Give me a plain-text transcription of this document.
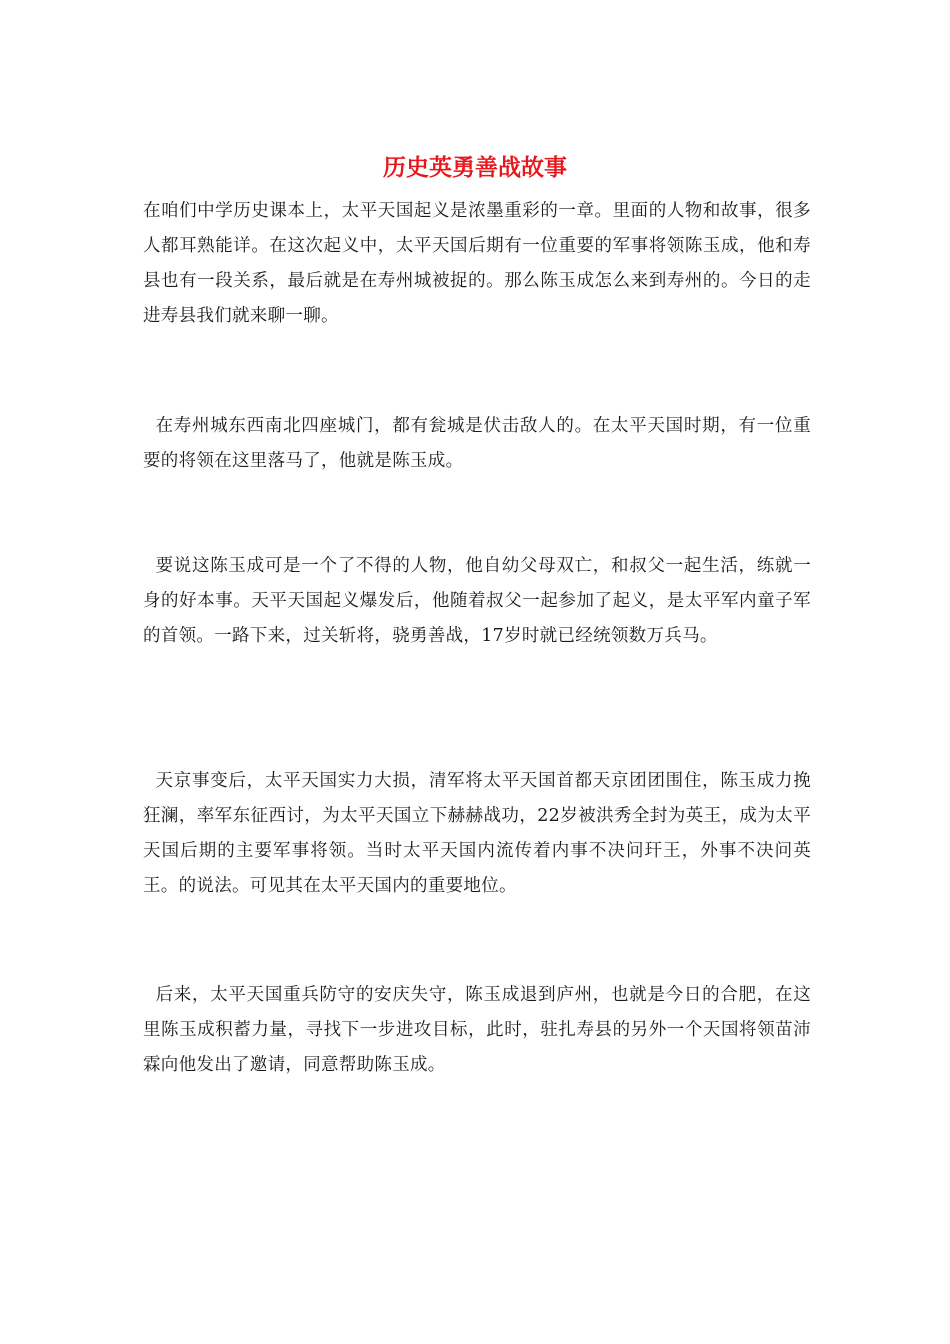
历史英勇善战故事

在咱们中学历史课本上，太平天国起义是浓墨重彩的一章。里面的人物和故事，很多人都耳熟能详。在这次起义中，太平天国后期有一位重要的军事将领陈玉成，他和寿县也有一段关系，最后就是在寿州城被捉的。那么陈玉成怎么来到寿州的。今日的走进寿县我们就来聊一聊。

在寿州城东西南北四座城门，都有瓮城是伏击敌人的。在太平天国时期，有一位重要的将领在这里落马了，他就是陈玉成。

要说这陈玉成可是一个了不得的人物，他自幼父母双亡，和叔父一起生活，练就一身的好本事。天平天国起义爆发后，他随着叔父一起参加了起义，是太平军内童子军的首领。一路下来，过关斩将，骁勇善战，17岁时就已经统领数万兵马。

天京事变后，太平天国实力大损，清军将太平天国首都天京团团围住，陈玉成力挽狂澜，率军东征西讨，为太平天国立下赫赫战功，22岁被洪秀全封为英王，成为太平天国后期的主要军事将领。当时太平天国内流传着内事不决问玕王，外事不决问英王。的说法。可见其在太平天国内的重要地位。

后来，太平天国重兵防守的安庆失守，陈玉成退到庐州，也就是今日的合肥，在这里陈玉成积蓄力量，寻找下一步进攻目标，此时，驻扎寿县的另外一个天国将领苗沛霖向他发出了邀请，同意帮助陈玉成。
